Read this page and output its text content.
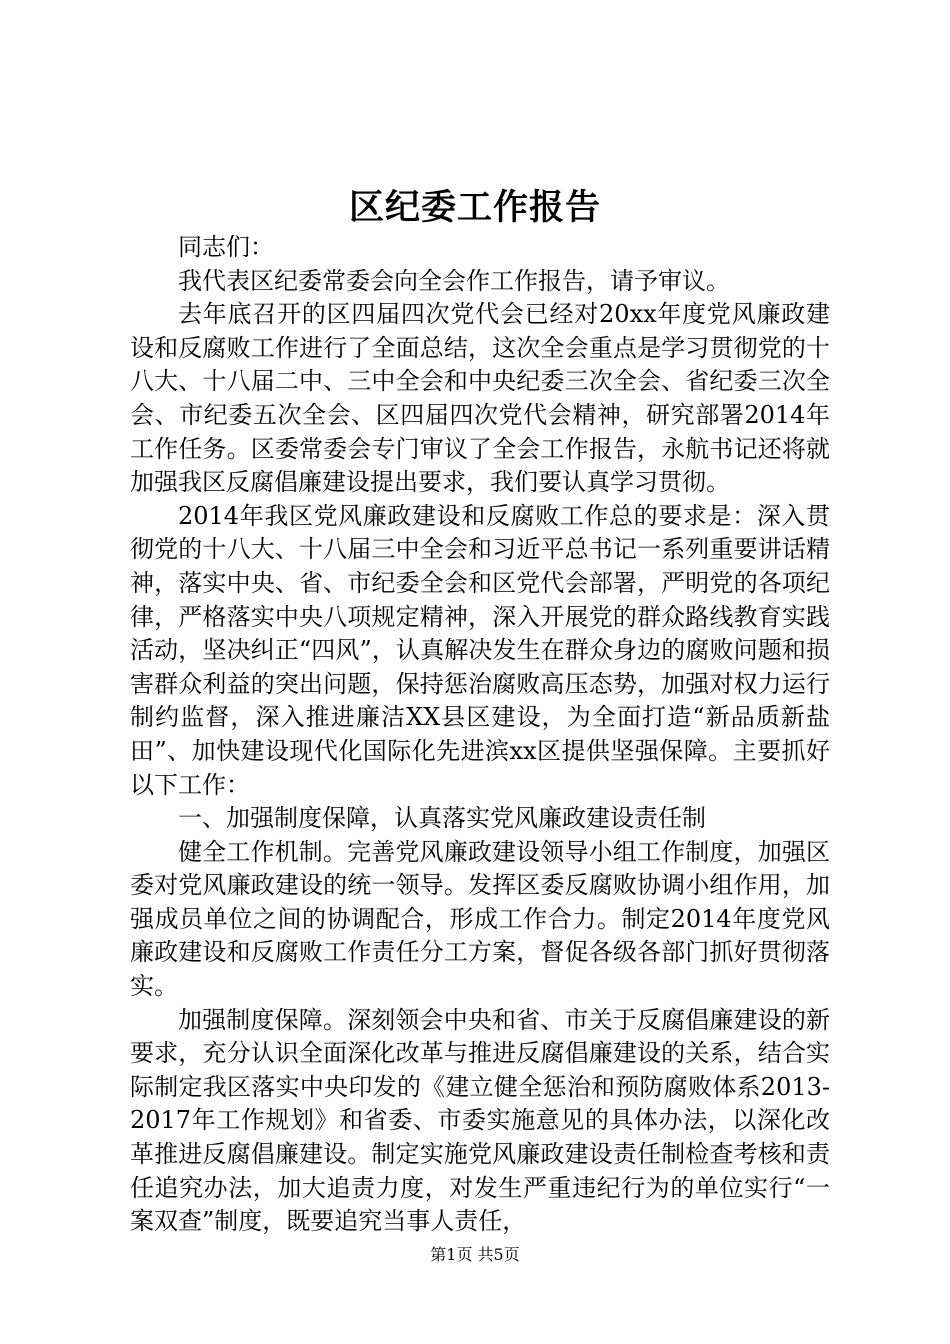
区纪委工作报告

同志们：

我代表区纪委常委会向全会作工作报告，请予审议。

去年底召开的区四届四次党代会已经对20xx年度党风廉政建设和反腐败工作进行了全面总结，这次全会重点是学习贯彻党的十八大、十八届二中、三中全会和中央纪委三次全会、省纪委三次全会、市纪委五次全会、区四届四次党代会精神，研究部署2014年工作任务。区委常委会专门审议了全会工作报告，永航书记还将就加强我区反腐倡廉建设提出要求，我们要认真学习贯彻。

2014年我区党风廉政建设和反腐败工作总的要求是：深入贯彻党的十八大、十八届三中全会和习近平总书记一系列重要讲话精神，落实中央、省、市纪委全会和区党代会部署，严明党的各项纪律，严格落实中央八项规定精神，深入开展党的群众路线教育实践活动，坚决纠正“四风”，认真解决发生在群众身边的腐败问题和损害群众利益的突出问题，保持惩治腐败高压态势，加强对权力运行制约监督，深入推进廉洁XX县区建设，为全面打造“新品质新盐田”、加快建设现代化国际化先进滨xx区提供坚强保障。主要抓好以下工作：

一、加强制度保障，认真落实党风廉政建设责任制

健全工作机制。完善党风廉政建设领导小组工作制度，加强区委对党风廉政建设的统一领导。发挥区委反腐败协调小组作用，加强成员单位之间的协调配合，形成工作合力。制定2014年度党风廉政建设和反腐败工作责任分工方案，督促各级各部门抓好贯彻落实。

加强制度保障。深刻领会中央和省、市关于反腐倡廉建设的新要求，充分认识全面深化改革与推进反腐倡廉建设的关系，结合实际制定我区落实中央印发的《建立健全惩治和预防腐败体系2013-2017年工作规划》和省委、市委实施意见的具体办法，以深化改革推进反腐倡廉建设。制定实施党风廉政建设责任制检查考核和责任追究办法，加大追责力度，对发生严重违纪行为的单位实行“一案双查”制度，既要追究当事人责任，

第1页 共5页
